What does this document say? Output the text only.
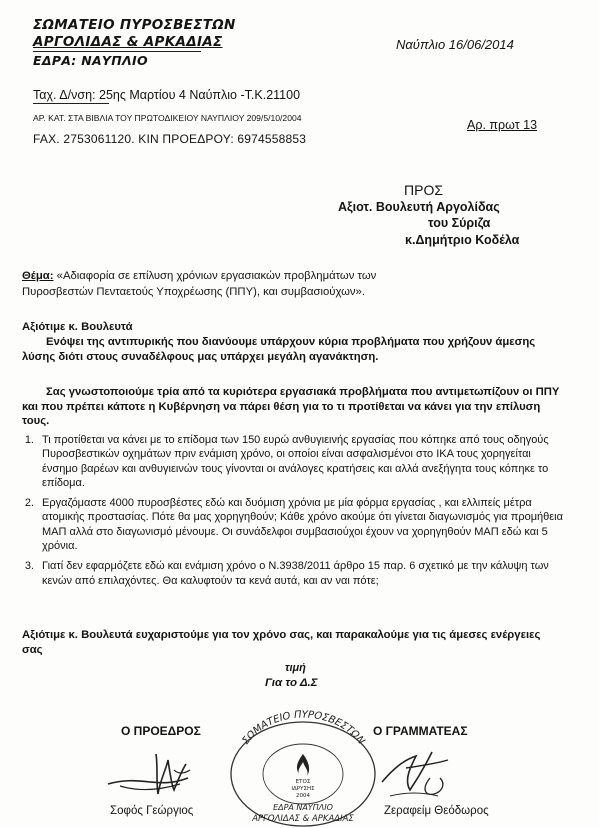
ΣΩΜΑΤΕΙΟ ΠΥΡΟΣΒΕΣΤΩΝ
ΑΡΓΟΛΙΔΑΣ & ΑΡΚΑΔΙΑΣ
ΕΔΡΑ: ΝΑΥΠΛΙΟ
Ταχ. Δ/νση: 25ης Μαρτίου 4 Ναύπλιο -Τ.Κ.21100
ΑΡ. ΚΑΤ. ΣΤΑ ΒΙΒΛΙΑ ΤΟΥ ΠΡΩΤΟΔΙΚΕΙΟΥ ΝΑΥΠΛΙΟΥ 209/5/10/2004
FAX. 2753061120. ΚΙΝ ΠΡΟΕΔΡΟΥ: 6974558853
Ναύπλιο 16/06/2014
Αρ. πρωτ 13
ΠΡΟΣ
Αξιοτ. Βουλευτή Αργολίδας
του Σύριζα
κ.Δημήτριο Κοδέλα
Θέμα: «Αδιαφορία σε επίλυση χρόνιων εργασιακών προβλημάτων των
Πυροσβεστών Πενταετούς Υποχρέωσης (ΠΠΥ), και συμβασιούχων».
Αξιότιμε κ. Βουλευτά
Ενόψει της αντιπυρικής που διανύουμε υπάρχουν κύρια προβλήματα που χρήζουν άμεσης λύσης διότι στους συναδέλφους μας υπάρχει μεγάλη αγανάκτηση.
Σας γνωστοποιούμε τρία από τα κυριότερα εργασιακά προβλήματα που αντιμετωπίζουν οι ΠΠΥ και που πρέπει κάποτε η Κυβέρνηση να πάρει θέση για το τι προτίθεται να κάνει για την επίλυση τους.
1. Τι προτίθεται να κάνει με το επίδομα των 150 ευρώ ανθυγιεινής εργασίας που κόπηκε από τους οδηγούς Πυροσβεστικών οχημάτων πριν ενάμιση χρόνο, οι οποίοι είναι ασφαλισμένοι στο ΙΚΑ τους χορηγείται ένσημο βαρέων και ανθυγιεινών τους γίνονται οι ανάλογες κρατήσεις και αλλά ανεξήγητα τους κόπηκε το επίδομα.
2. Εργαζόμαστε 4000 πυροσβέστες εδώ και δυόμιση χρόνια με μία φόρμα εργασίας , και ελλιπείς μέτρα ατομικής προστασίας. Πότε θα μας χορηγηθούν; Κάθε χρόνο ακούμε ότι γίνεται διαγωνισμός για προμήθεια ΜΑΠ αλλά στο διαγωνισμό μένουμε. Οι συνάδελφοι συμβασιούχοι έχουν να χορηγηθούν ΜΑΠ εδώ και 5 χρόνια.
3. Γιατί δεν εφαρμόζετε εδώ και ενάμιση χρόνο ο Ν.3938/2011 άρθρο 15 παρ. 6 σχετικό με την κάλυψη των κενών από επιλαχόντες. Θα καλυφτούν τα κενά αυτά, και αν ναι πότε;
Αξιότιμε κ. Βουλευτά ευχαριστούμε για τον χρόνο σας, και παρακαλούμε για τις άμεσες ενέργειες σας
τιμή
Για το Δ.Σ
Ο ΠΡΟΕΔΡΟΣ	Ο ΓΡΑΜΜΑΤΕΑΣ
ΣΩΜΑΤΕΙΟ ΠΥΡΟΣΒΕΣΤΩΝ
ΕΤΟΣ
ΙΔΡΥΣΗΣ
2004
ΕΔΡΑ ΝΑΥΠΛΙΟ
ΑΡΓΟΛΙΔΑΣ & ΑΡΚΑΔΙΑΣ
Σοφός Γεώργιος	Ζεραφείμ Θεόδωρος
